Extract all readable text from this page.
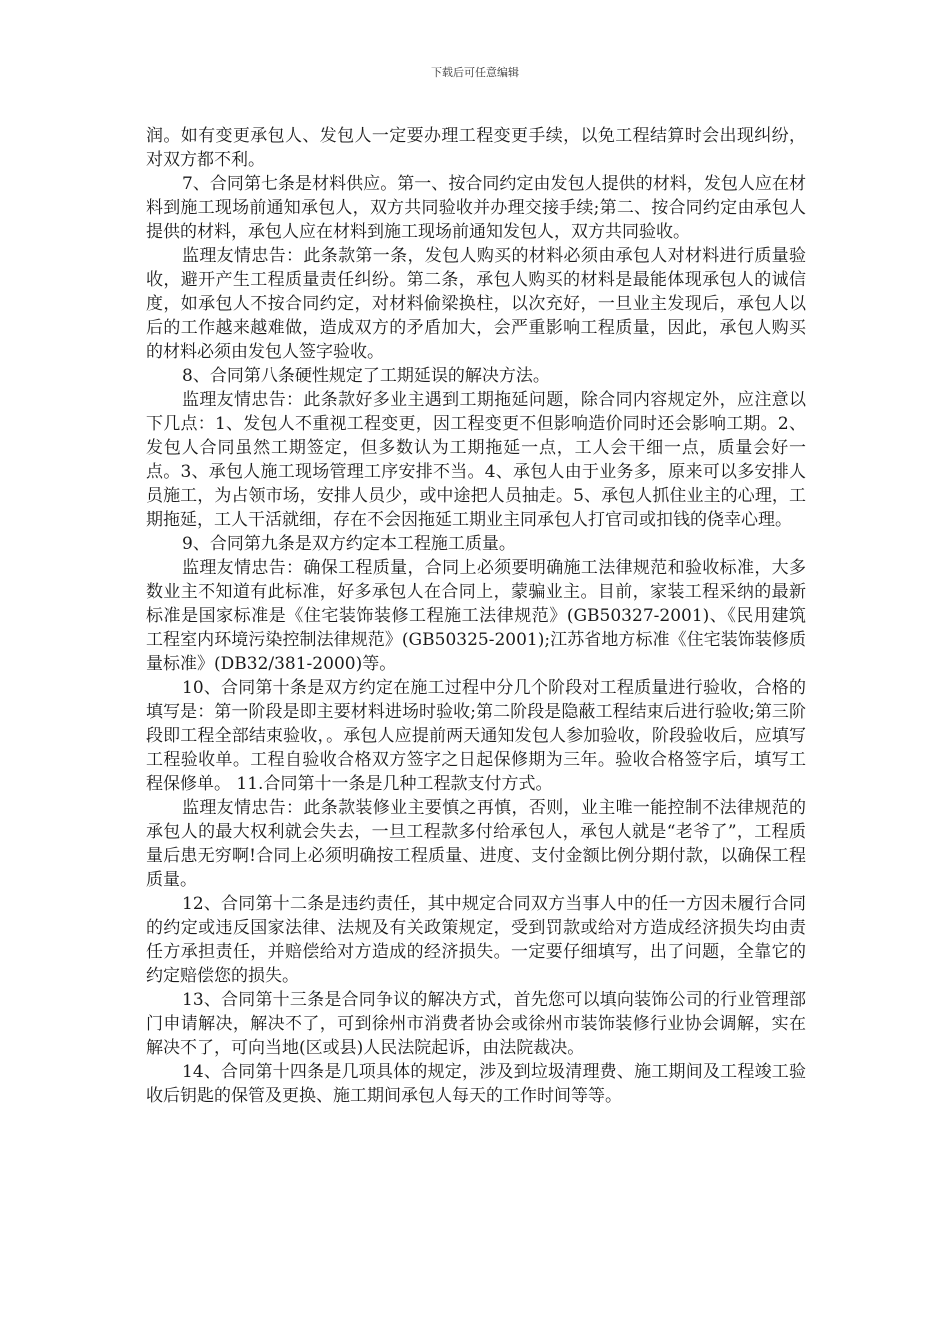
下载后可任意编辑

润。如有变更承包人、发包人一定要办理工程变更手续，以免工程结算时会出现纠纷，对双方都不利。

7、合同第七条是材料供应。第一、按合同约定由发包人提供的材料，发包人应在材料到施工现场前通知承包人，双方共同验收并办理交接手续;第二、按合同约定由承包人提供的材料，承包人应在材料到施工现场前通知发包人，双方共同验收。

监理友情忠告：此条款第一条，发包人购买的材料必须由承包人对材料进行质量验收，避开产生工程质量责任纠纷。第二条，承包人购买的材料是最能体现承包人的诚信度，如承包人不按合同约定，对材料偷梁换柱，以次充好，一旦业主发现后，承包人以后的工作越来越难做，造成双方的矛盾加大，会严重影响工程质量，因此，承包人购买的材料必须由发包人签字验收。

8、合同第八条硬性规定了工期延误的解决方法。

监理友情忠告：此条款好多业主遇到工期拖延问题，除合同内容规定外，应注意以下几点：1、发包人不重视工程变更，因工程变更不但影响造价同时还会影响工期。2、发包人合同虽然工期签定，但多数认为工期拖延一点，工人会干细一点，质量会好一点。3、承包人施工现场管理工序安排不当。4、承包人由于业务多，原来可以多安排人员施工，为占领市场，安排人员少，或中途把人员抽走。5、承包人抓住业主的心理，工期拖延，工人干活就细，存在不会因拖延工期业主同承包人打官司或扣钱的侥幸心理。

9、合同第九条是双方约定本工程施工质量。

监理友情忠告：确保工程质量，合同上必须要明确施工法律规范和验收标准，大多数业主不知道有此标准，好多承包人在合同上，蒙骗业主。目前，家装工程采纳的最新标准是国家标准是《住宅装饰装修工程施工法律规范》(GB50327-2001)、《民用建筑工程室内环境污染控制法律规范》(GB50325-2001);江苏省地方标准《住宅装饰装修质量标准》(DB32/381-2000)等。

10、合同第十条是双方约定在施工过程中分几个阶段对工程质量进行验收，合格的填写是：第一阶段是即主要材料进场时验收;第二阶段是隐蔽工程结束后进行验收;第三阶段即工程全部结束验收，。承包人应提前两天通知发包人参加验收，阶段验收后，应填写工程验收单。工程自验收合格双方签字之日起保修期为三年。验收合格签字后，填写工程保修单。 11.合同第十一条是几种工程款支付方式。

监理友情忠告：此条款装修业主要慎之再慎，否则，业主唯一能控制不法律规范的承包人的最大权利就会失去，一旦工程款多付给承包人，承包人就是“老爷了”，工程质量后患无穷啊!合同上必须明确按工程质量、进度、支付金额比例分期付款，以确保工程质量。

12、合同第十二条是违约责任，其中规定合同双方当事人中的任一方因未履行合同的约定或违反国家法律、法规及有关政策规定，受到罚款或给对方造成经济损失均由责任方承担责任，并赔偿给对方造成的经济损失。一定要仔细填写，出了问题，全靠它的约定赔偿您的损失。

13、合同第十三条是合同争议的解决方式，首先您可以填向装饰公司的行业管理部门申请解决，解决不了，可到徐州市消费者协会或徐州市装饰装修行业协会调解，实在解决不了，可向当地(区或县)人民法院起诉，由法院裁决。

14、合同第十四条是几项具体的规定，涉及到垃圾清理费、施工期间及工程竣工验收后钥匙的保管及更换、施工期间承包人每天的工作时间等等。
